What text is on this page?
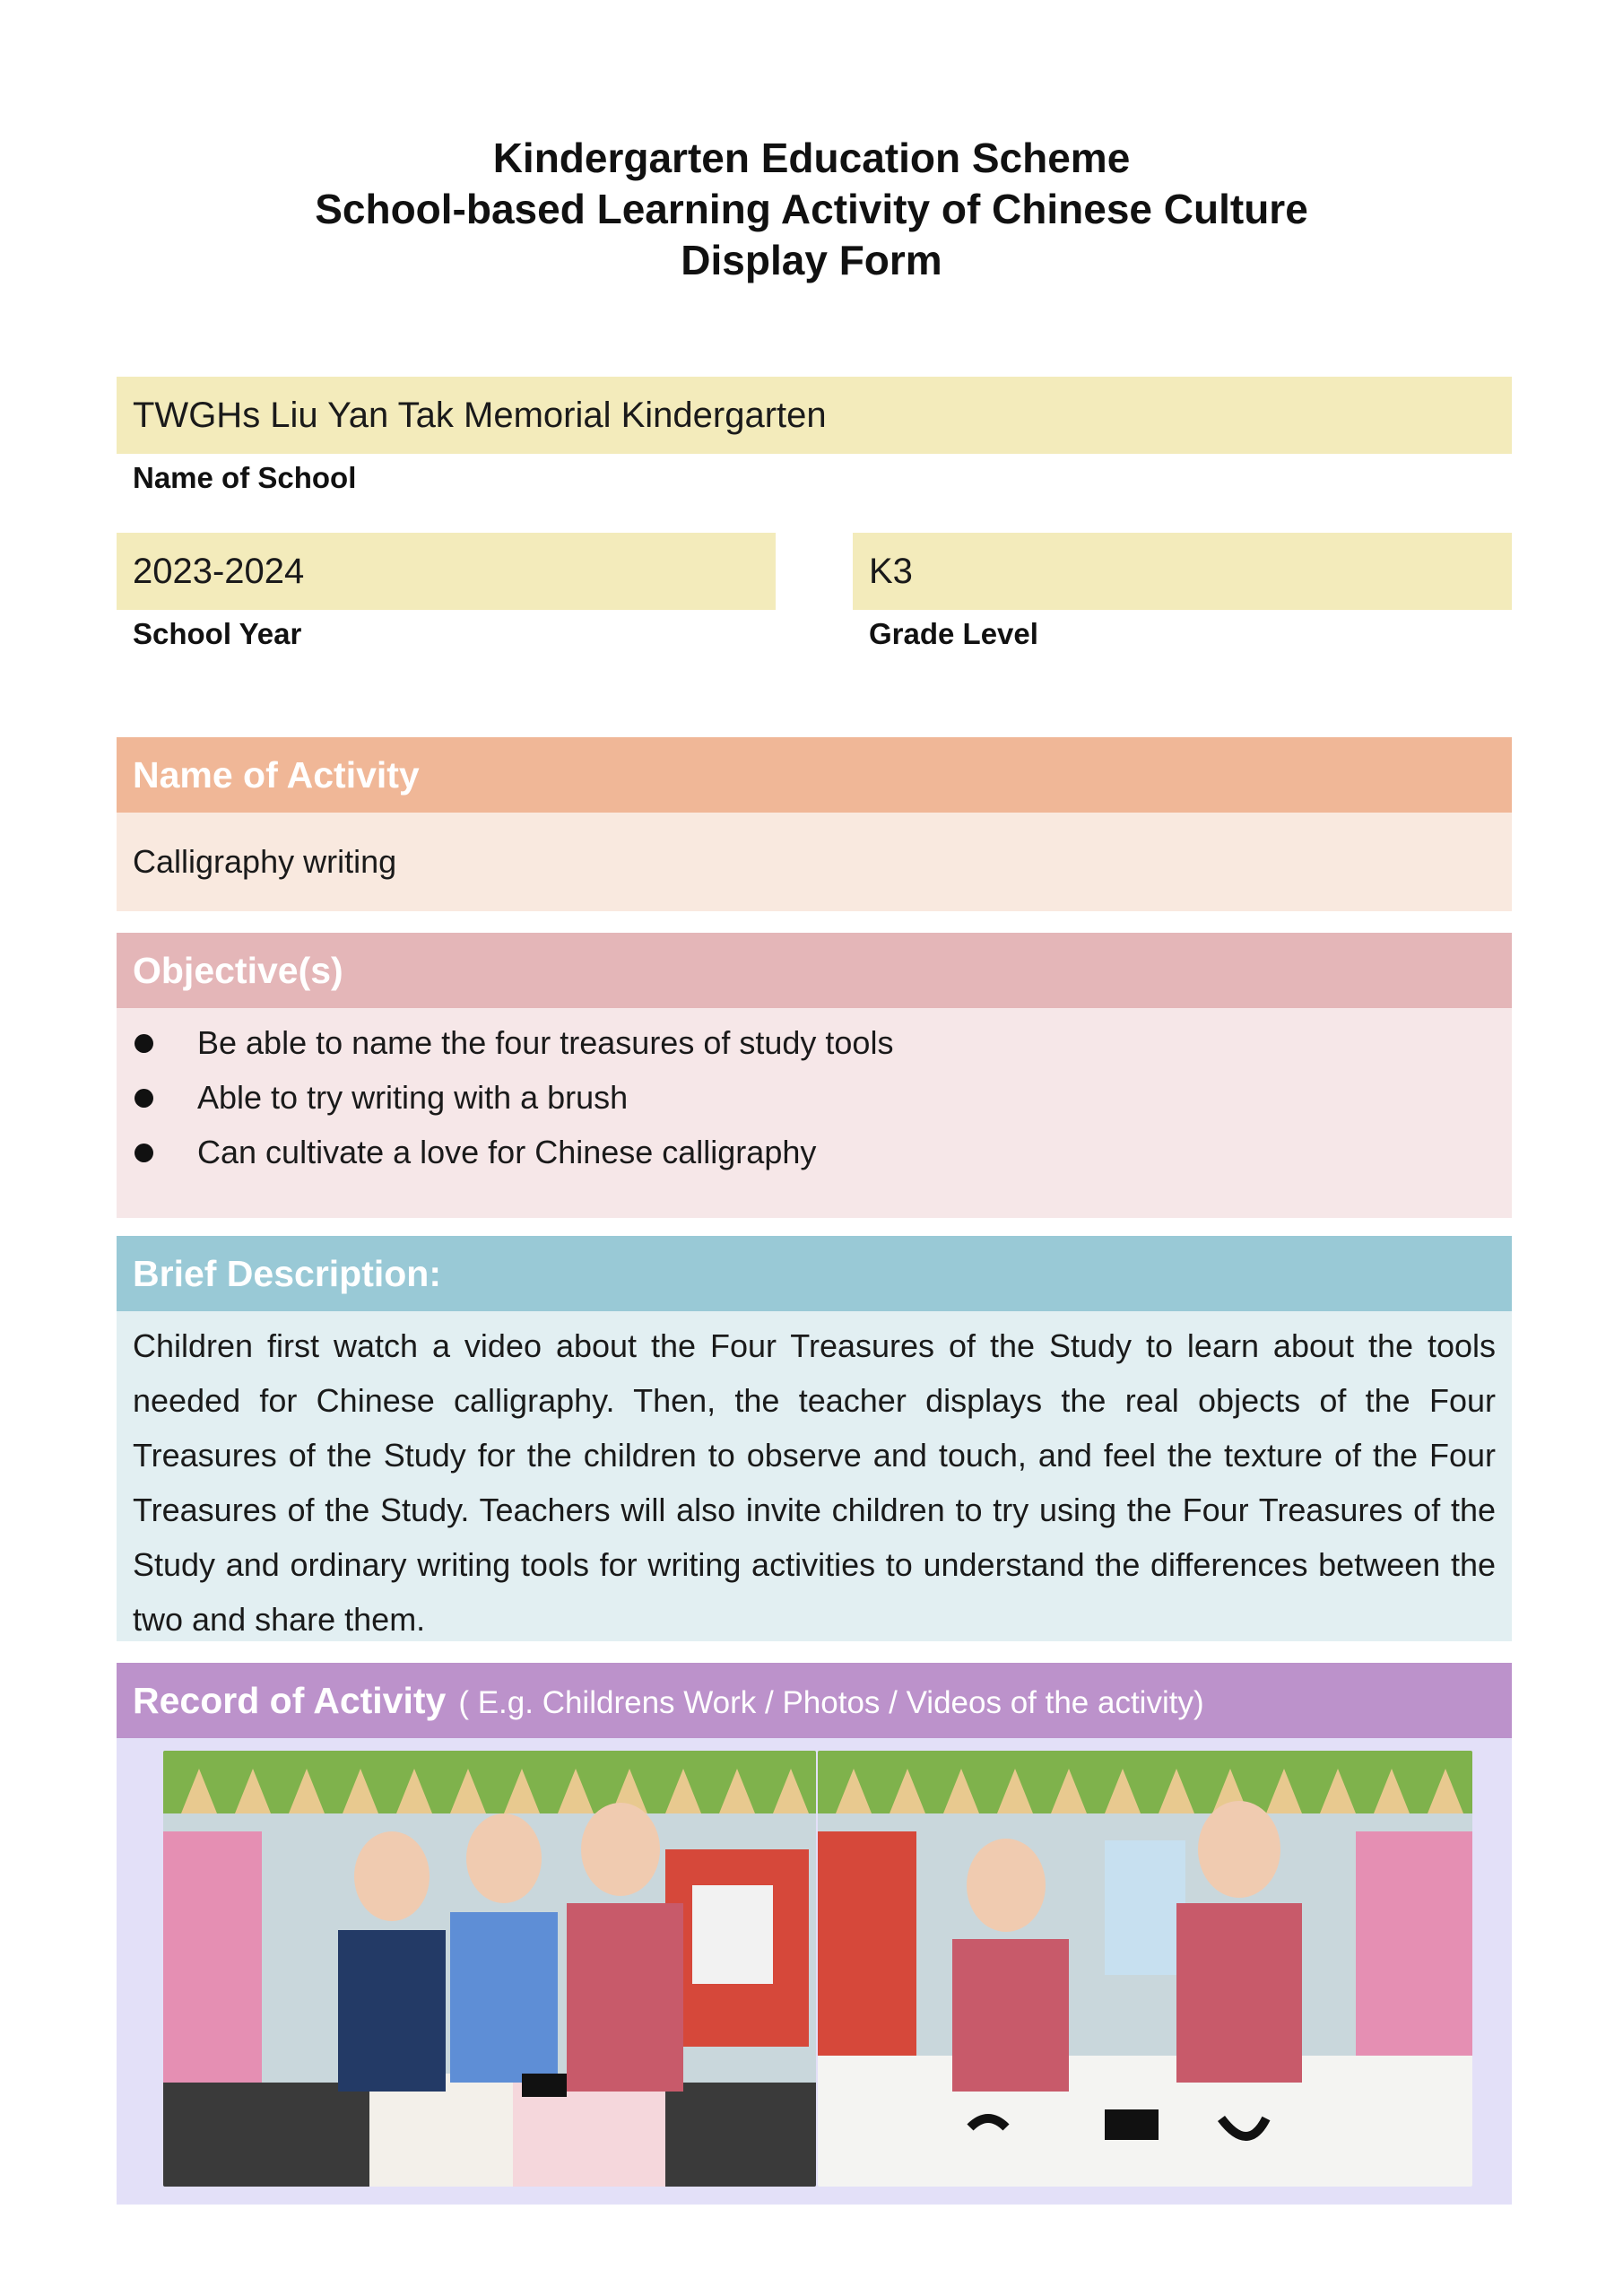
Kindergarten Education Scheme
School-based Learning Activity of Chinese Culture
Display Form
TWGHs Liu Yan Tak Memorial Kindergarten
Name of School
2023-2024
School Year
K3
Grade Level
Name of Activity
Calligraphy writing
Objective(s)
Be able to name the four treasures of study tools
Able to try writing with a brush
Can cultivate a love for Chinese calligraphy
Brief Description:
Children first watch a video about the Four Treasures of the Study to learn about the tools needed for Chinese calligraphy. Then, the teacher displays the real objects of the Four Treasures of the Study for the children to observe and touch, and feel the texture of the Four Treasures of the Study. Teachers will also invite children to try using the Four Treasures of the Study and ordinary writing tools for writing activities to understand the differences between the two and share them.
Record of Activity ( E.g. Childrens Work / Photos / Videos of the activity)
